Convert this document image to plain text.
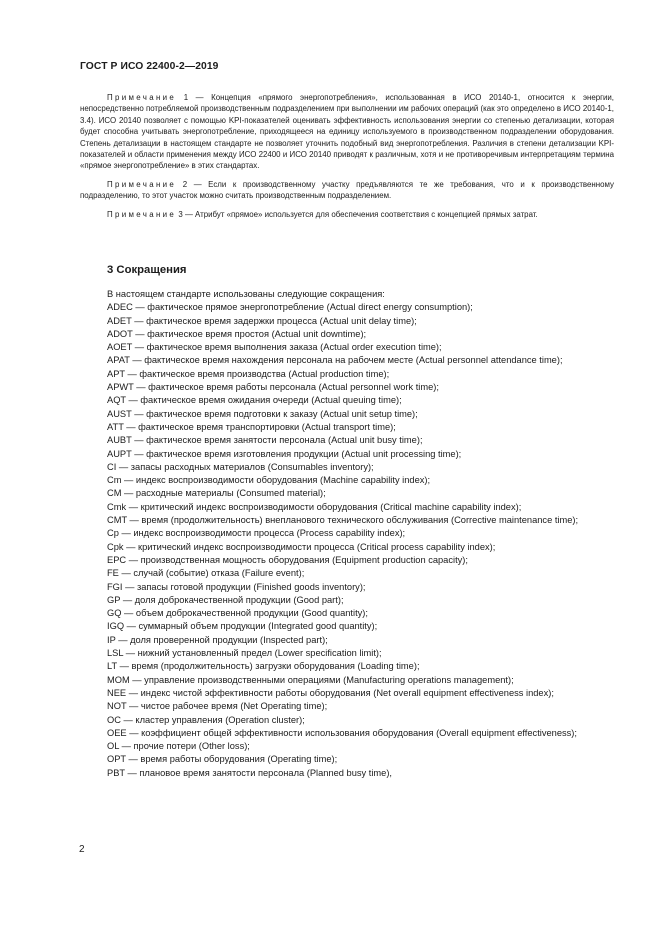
ГОСТ Р ИСО 22400-2—2019

Примечание 1 — Концепция «прямого энергопотребления», использованная в ИСО 20140-1, относится к энергии, непосредственно потребляемой производственным подразделением при выполнении им рабочих операций (как это определено в ИСО 20140-1, 3.4). ИСО 20140 позволяет с помощью KPI-показателей оценивать эффективность использования энергии со степенью детализации, которая будет способна учитывать энергопотребление, приходящееся на единицу используемого в производственном подразделении оборудования. Степень детализации в настоящем стандарте не позволяет уточнить подобный вид энергопотребления. Различия в степени детализации KPI-показателей и области применения между ИСО 22400 и ИСО 20140 приводят к различным, хотя и не противоречивым интерпретациям термина «прямое энергопотребление» в этих стандартах.

Примечание 2 — Если к производственному участку предъявляются те же требования, что и к производственному подразделению, то этот участок можно считать производственным подразделением.

Примечание 3 — Атрибут «прямое» используется для обеспечения соответствия с концепцией прямых затрат.

3 Сокращения

В настоящем стандарте использованы следующие сокращения:

ADEC — фактическое прямое энергопотребление (Actual direct energy consumption);

ADET — фактическое время задержки процесса (Actual unit delay time);

ADOT — фактическое время простоя (Actual unit downtime);

AOET — фактическое время выполнения заказа (Actual order execution time);

APAT — фактическое время нахождения персонала на рабочем месте (Actual personnel attendance time);

APT — фактическое время производства (Actual production time);

APWT — фактическое время работы персонала (Actual personnel work time);

AQT — фактическое время ожидания очереди (Actual queuing time);

AUST — фактическое время подготовки к заказу (Actual unit setup time);

ATT — фактическое время транспортировки (Actual transport time);

AUBT — фактическое время занятости персонала (Actual unit busy time);

AUPT — фактическое время изготовления продукции (Actual unit processing time);

CI — запасы расходных материалов (Consumables inventory);

Cm — индекс воспроизводимости оборудования (Machine capability index);

CM — расходные материалы (Consumed material);

Cmk — критический индекс воспроизводимости оборудования (Critical machine capability index);

CMT — время (продолжительность) внепланового технического обслуживания (Corrective maintenance time);

Cp — индекс воспроизводимости процесса (Process capability index);

Cpk — критический индекс воспроизводимости процесса (Critical process capability index);

EPC — производственная мощность оборудования (Equipment production capacity);

FE — случай (событие) отказа (Failure event);

FGI — запасы готовой продукции (Finished goods inventory);

GP — доля доброкачественной продукции (Good part);

GQ — объем доброкачественной продукции (Good quantity);

IGQ — суммарный объем продукции (Integrated good quantity);

IP — доля проверенной продукции (Inspected part);

LSL — нижний установленный предел (Lower specification limit);

LT — время (продолжительность) загрузки оборудования (Loading time);

MOM — управление производственными операциями (Manufacturing operations management);

NEE — индекс чистой эффективности работы оборудования (Net overall equipment effectiveness index);

NOT — чистое рабочее время (Net Operating time);

OC — кластер управления (Operation cluster);

OEE — коэффициент общей эффективности использования оборудования (Overall equipment effectiveness);

OL — прочие потери (Other loss);

OPT — время работы оборудования (Operating time);

PBT — плановое время занятости персонала (Planned busy time),

2
